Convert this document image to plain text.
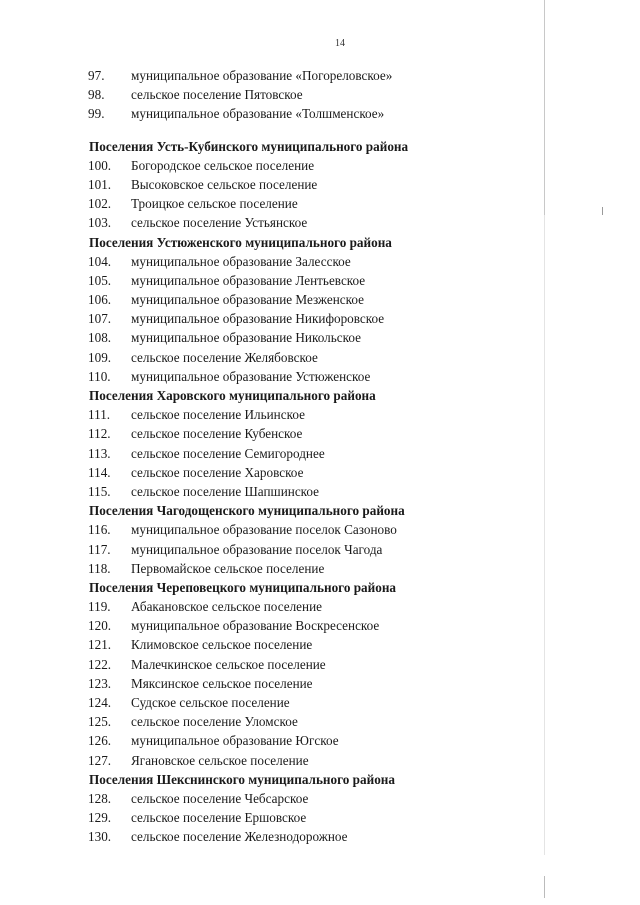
14
97. муниципальное образование «Погореловское»
98. сельское поселение Пятовское
99. муниципальное образование «Толшменское»
Поселения Усть-Кубинского муниципального района
100. Богородское сельское поселение
101. Высоковское сельское поселение
102. Троицкое сельское поселение
103. сельское поселение Устьянское
Поселения Устюженского муниципального района
104. муниципальное образование Залесское
105. муниципальное образование Лентьевское
106. муниципальное образование Мезженское
107. муниципальное образование Никифоровское
108. муниципальное образование Никольское
109. сельское поселение Желябовское
110. муниципальное образование Устюженское
Поселения Харовского муниципального района
111. сельское поселение Ильинское
112. сельское поселение Кубенское
113. сельское поселение Семигороднее
114. сельское поселение Харовское
115. сельское поселение Шапшинское
Поселения Чагодощенского муниципального района
116. муниципальное образование поселок Сазоново
117. муниципальное образование поселок Чагода
118. Первомайское сельское поселение
Поселения Череповецкого муниципального района
119. Абакановское сельское поселение
120. муниципальное образование Воскресенское
121. Климовское сельское поселение
122. Малечкинское сельское поселение
123. Мяксинское сельское поселение
124. Судское сельское поселение
125. сельское поселение Уломское
126. муниципальное образование Югское
127. Ягановское сельское поселение
Поселения Шекснинского муниципального района
128. сельское поселение Чебсарское
129. сельское поселение Ершовское
130. сельское поселение Железнодорожное
